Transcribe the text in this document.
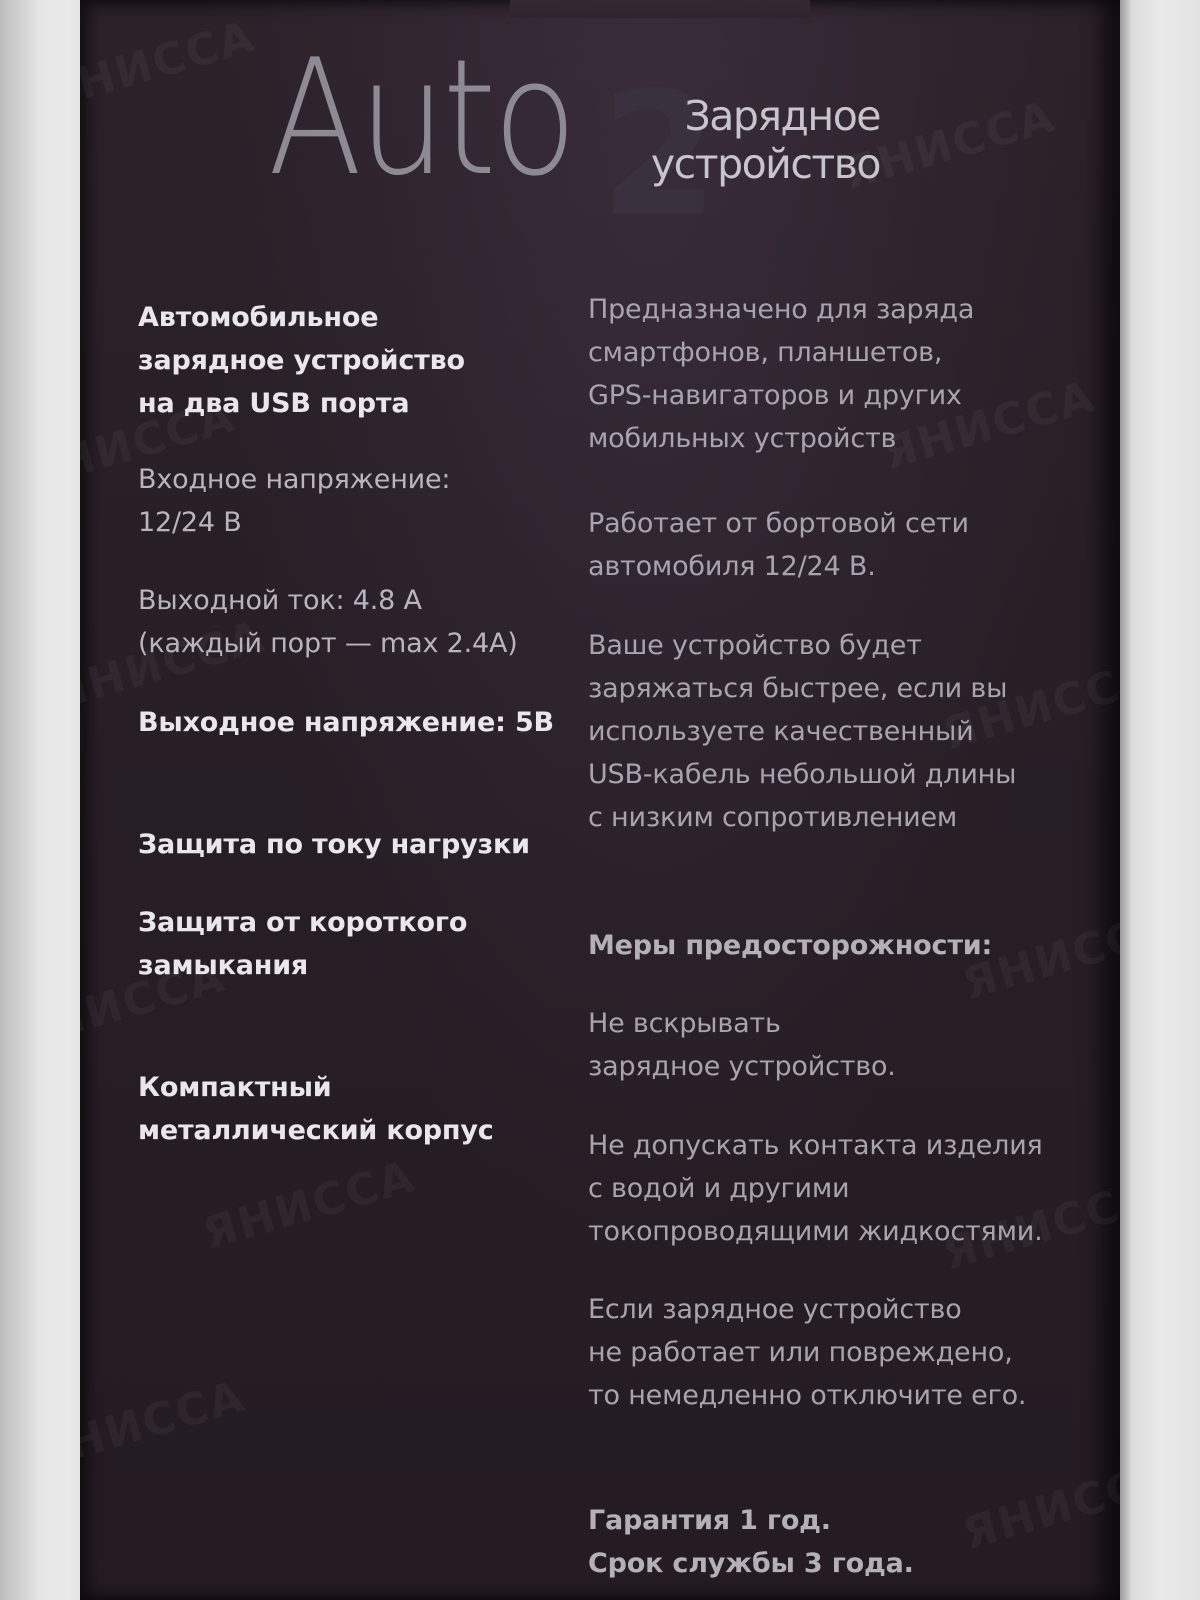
2
Auto	Зарядное
устройство
Автомобильное
зарядное устройство
на два USB порта
Входное напряжение:
12/24 В
Выходной ток: 4.8 А
(каждый порт — max 2.4А)
Выходное напряжение: 5В
Защита по току нагрузки
Защита от короткого
замыкания
Компактный
металлический корпус
Предназначено для заряда
смартфонов, планшетов,
GPS-навигаторов и других
мобильных устройств
Работает от бортовой сети
автомобиля 12/24 В.
Ваше устройство будет
заряжаться быстрее, если вы
используете качественный
USB-кабель небольшой длины
с низким сопротивлением
Меры предосторожности:
Не вскрывать
зарядное устройство.
Не допускать контакта изделия
с водой и другими
токопроводящими жидкостями.
Если зарядное устройство
не работает или повреждено,
то немедленно отключите его.
Гарантия 1 год.
Срок службы 3 года.
